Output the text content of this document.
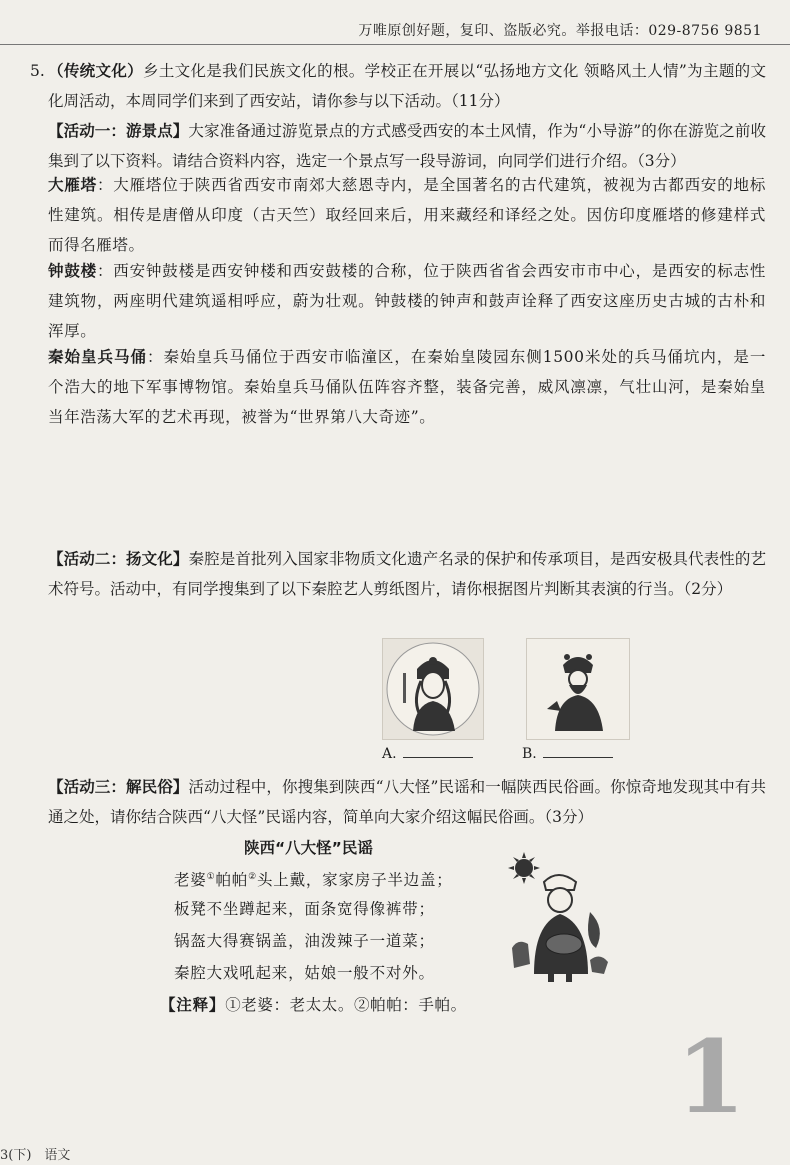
万唯原创好题，复印、盗版必究。举报电话：029-8756 9851
5. （传统文化）乡土文化是我们民族文化的根。学校正在开展以“弘扬地方文化 领略风土人情”为主题的文化周活动，本周同学们来到了西安站，请你参与以下活动。（11分）

【活动一：游景点】大家准备通过游览景点的方式感受西安的本土风情，作为“小导游”的你在游览之前收集到了以下资料。请结合资料内容，选定一个景点写一段导游词，向同学们进行介绍。（3分）

大雁塔：大雁塔位于陕西省西安市南郊大慈恩寺内，是全国著名的古代建筑，被视为古都西安的地标性建筑。相传是唐僧从印度（古天竺）取经回来后，用来藏经和译经之处。因仿印度雁塔的修建样式而得名雁塔。

钟鼓楼：西安钟鼓楼是西安钟楼和西安鼓楼的合称，位于陕西省省会西安市市中心，是西安的标志性建筑物，两座明代建筑遥相呼应，蔚为壮观。钟鼓楼的钟声和鼓声诠释了西安这座历史古城的古朴和浑厚。

秦始皇兵马俑：秦始皇兵马俑位于西安市临潼区，在秦始皇陵园东侧1500米处的兵马俑坑内，是一个浩大的地下军事博物馆。秦始皇兵马俑队伍阵容齐整，装备完善，威风凛凛，气壮山河，是秦始皇当年浩荡大军的艺术再现，被誉为“世界第八大奇迹”。

【活动二：扬文化】秦腔是首批列入国家非物质文化遗产名录的保护和传承项目，是西安极具代表性的艺术符号。活动中，有同学搜集到了以下秦腔艺人剪纸图片，请你根据图片判断其表演的行当。（2分）

A.	B.

【活动三：解民俗】活动过程中，你搜集到陕西“八大怪”民谣和一幅陕西民俗画。你惊奇地发现其中有共通之处，请你结合陕西“八大怪”民谣内容，简单向大家介绍这幅民俗画。（3分）

陕西“八大怪”民谣
老婆①帕帕②头上戴，家家房子半边盖；
板凳不坐蹲起来，面条宽得像裤带；
锅盔大得赛锅盖，油泼辣子一道菜；
秦腔大戏吼起来，姑娘一般不对外。
【注释】①老婆：老太太。②帕帕：手帕。
1
3(下)　语文
